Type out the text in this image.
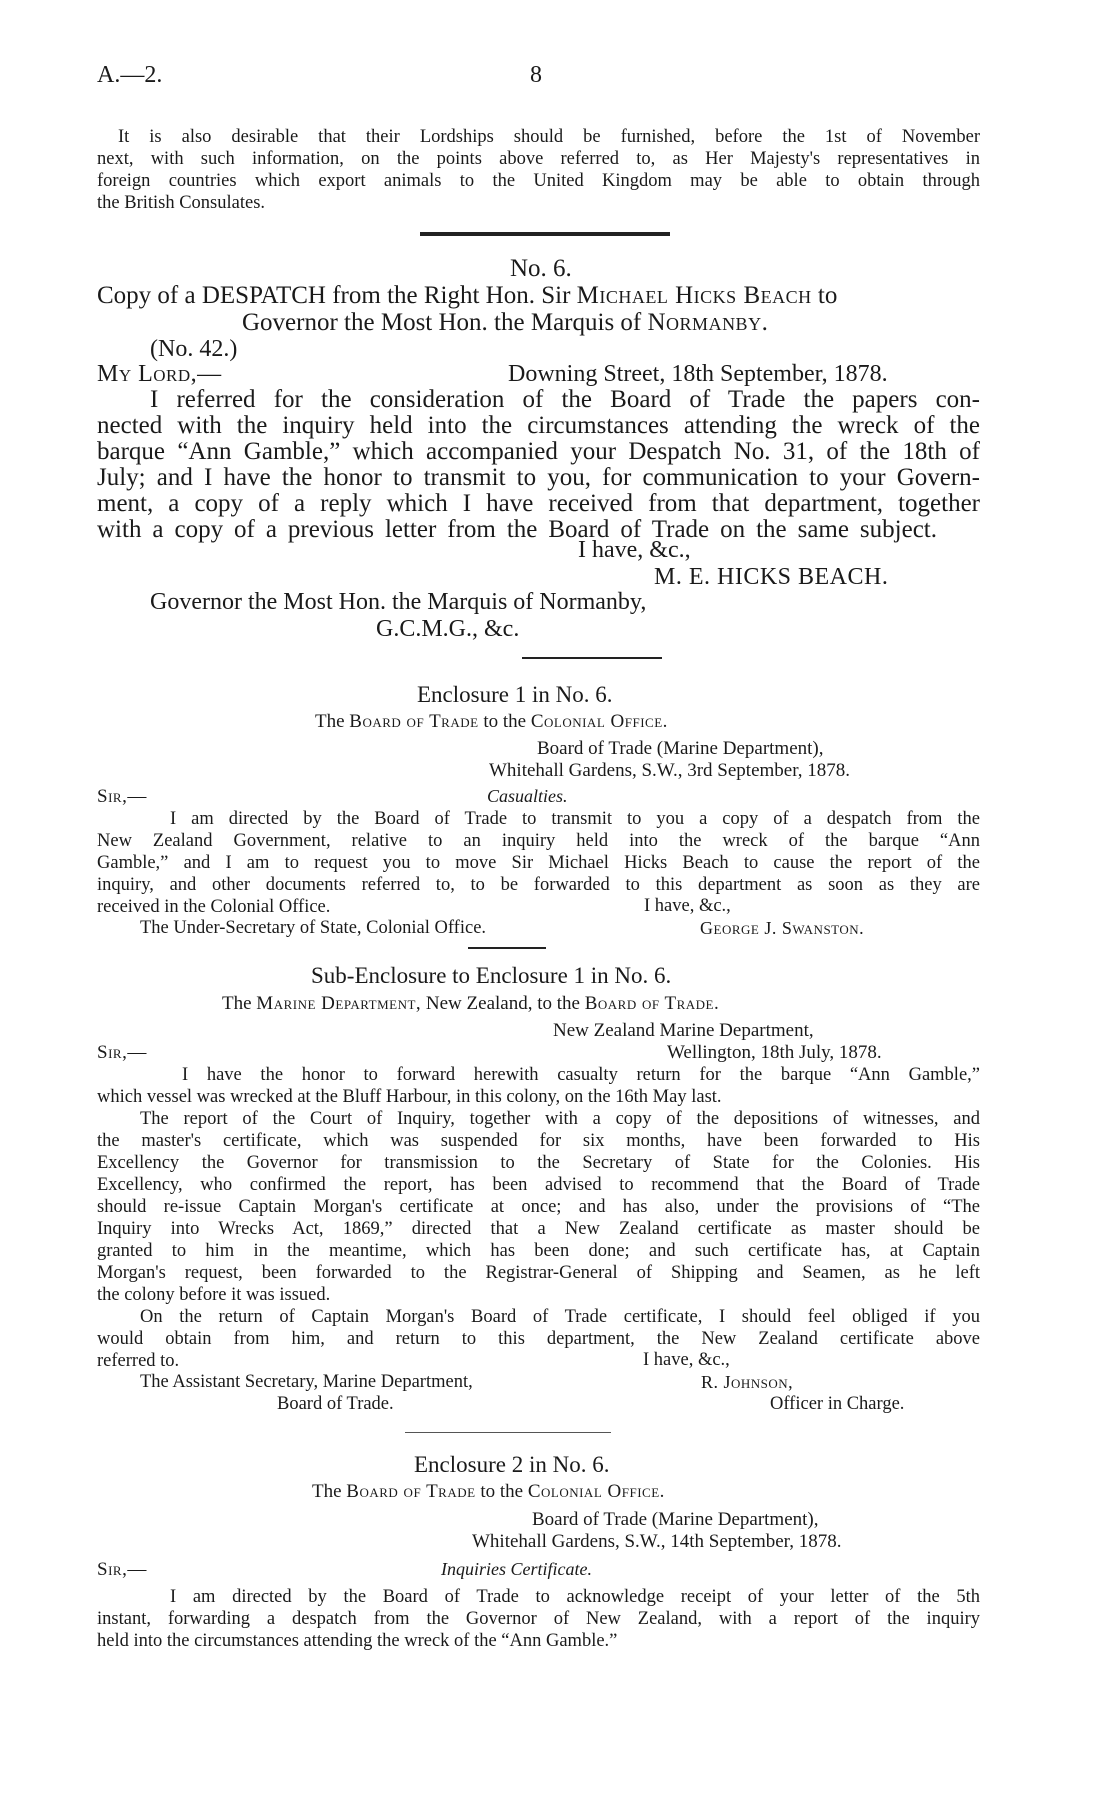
A.—2.	8
It is also desirable that their Lordships should be furnished, before the 1st of November
next, with such information, on the points above referred to, as Her Majesty's representatives in
foreign countries which export animals to the United Kingdom may be able to obtain through
the British Consulates.
No. 6.
Copy of a DESPATCH from the Right Hon. Sir Michael Hicks Beach to
Governor the Most Hon. the Marquis of Normanby.
(No. 42.)
My Lord,—	Downing Street, 18th September, 1878.
I referred for the consideration of the Board of Trade the papers con-
nected with the inquiry held into the circumstances attending the wreck of the
barque “Ann Gamble,” which accompanied your Despatch No. 31, of the 18th of
July; and I have the honor to transmit to you, for communication to your Govern-
ment, a copy of a reply which I have received from that department, together
with a copy of a previous letter from the Board of Trade on the same subject.
I have, &c.,
M. E. HICKS BEACH.
Governor the Most Hon. the Marquis of Normanby,
G.C.M.G., &c.
Enclosure 1 in No. 6.
The Board of Trade to the Colonial Office.
Board of Trade (Marine Department),
Whitehall Gardens, S.W., 3rd September, 1878.
Sir,—	Casualties.
I am directed by the Board of Trade to transmit to you a copy of a despatch from the
New Zealand Government, relative to an inquiry held into the wreck of the barque “Ann
Gamble,” and I am to request you to move Sir Michael Hicks Beach to cause the report of the
inquiry, and other documents referred to, to be forwarded to this department as soon as they are
received in the Colonial Office.	I have, &c.,
The Under-Secretary of State, Colonial Office.	George J. Swanston.
Sub-Enclosure to Enclosure 1 in No. 6.
The Marine Department, New Zealand, to the Board of Trade.
New Zealand Marine Department,
Wellington, 18th July, 1878.
Sir,—
I have the honor to forward herewith casualty return for the barque “Ann Gamble,”
which vessel was wrecked at the Bluff Harbour, in this colony, on the 16th May last.
The report of the Court of Inquiry, together with a copy of the depositions of witnesses, and
the master's certificate, which was suspended for six months, have been forwarded to His
Excellency the Governor for transmission to the Secretary of State for the Colonies. His
Excellency, who confirmed the report, has been advised to recommend that the Board of Trade
should re-issue Captain Morgan's certificate at once; and has also, under the provisions of “The
Inquiry into Wrecks Act, 1869,” directed that a New Zealand certificate as master should be
granted to him in the meantime, which has been done; and such certificate has, at Captain
Morgan's request, been forwarded to the Registrar-General of Shipping and Seamen, as he left
the colony before it was issued.
On the return of Captain Morgan's Board of Trade certificate, I should feel obliged if you
would obtain from him, and return to this department, the New Zealand certificate above
referred to.	I have, &c.,
The Assistant Secretary, Marine Department,	R. Johnson,
Board of Trade.	Officer in Charge.
Enclosure 2 in No. 6.
The Board of Trade to the Colonial Office.
Board of Trade (Marine Department),
Whitehall Gardens, S.W., 14th September, 1878.
Sir,—	Inquiries Certificate.
I am directed by the Board of Trade to acknowledge receipt of your letter of the 5th
instant, forwarding a despatch from the Governor of New Zealand, with a report of the inquiry
held into the circumstances attending the wreck of the “Ann Gamble.”
